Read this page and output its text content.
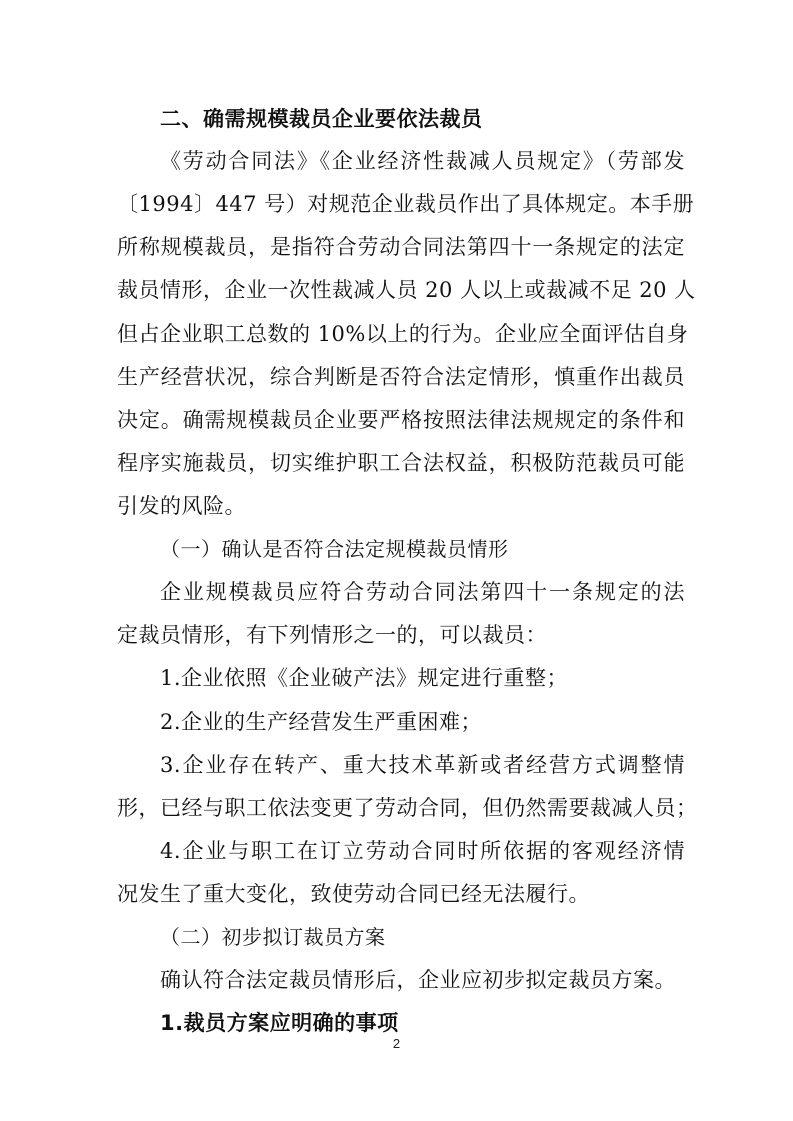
二、确需规模裁员企业要依法裁员
《劳动合同法》《企业经济性裁减人员规定》（劳部发
〔1994〕447 号）对规范企业裁员作出了具体规定。本手册
所称规模裁员，是指符合劳动合同法第四十一条规定的法定
裁员情形，企业一次性裁减人员 20 人以上或裁减不足 20 人
但占企业职工总数的 10%以上的行为。企业应全面评估自身
生产经营状况，综合判断是否符合法定情形，慎重作出裁员
决定。确需规模裁员企业要严格按照法律法规规定的条件和
程序实施裁员，切实维护职工合法权益，积极防范裁员可能
引发的风险。
（一）确认是否符合法定规模裁员情形
企业规模裁员应符合劳动合同法第四十一条规定的法
定裁员情形，有下列情形之一的，可以裁员：
1.企业依照《企业破产法》规定进行重整；
2.企业的生产经营发生严重困难；
3.企业存在转产、重大技术革新或者经营方式调整情
形，已经与职工依法变更了劳动合同，但仍然需要裁减人员；
4.企业与职工在订立劳动合同时所依据的客观经济情
况发生了重大变化，致使劳动合同已经无法履行。
（二）初步拟订裁员方案
确认符合法定裁员情形后，企业应初步拟定裁员方案。
1.裁员方案应明确的事项
2
